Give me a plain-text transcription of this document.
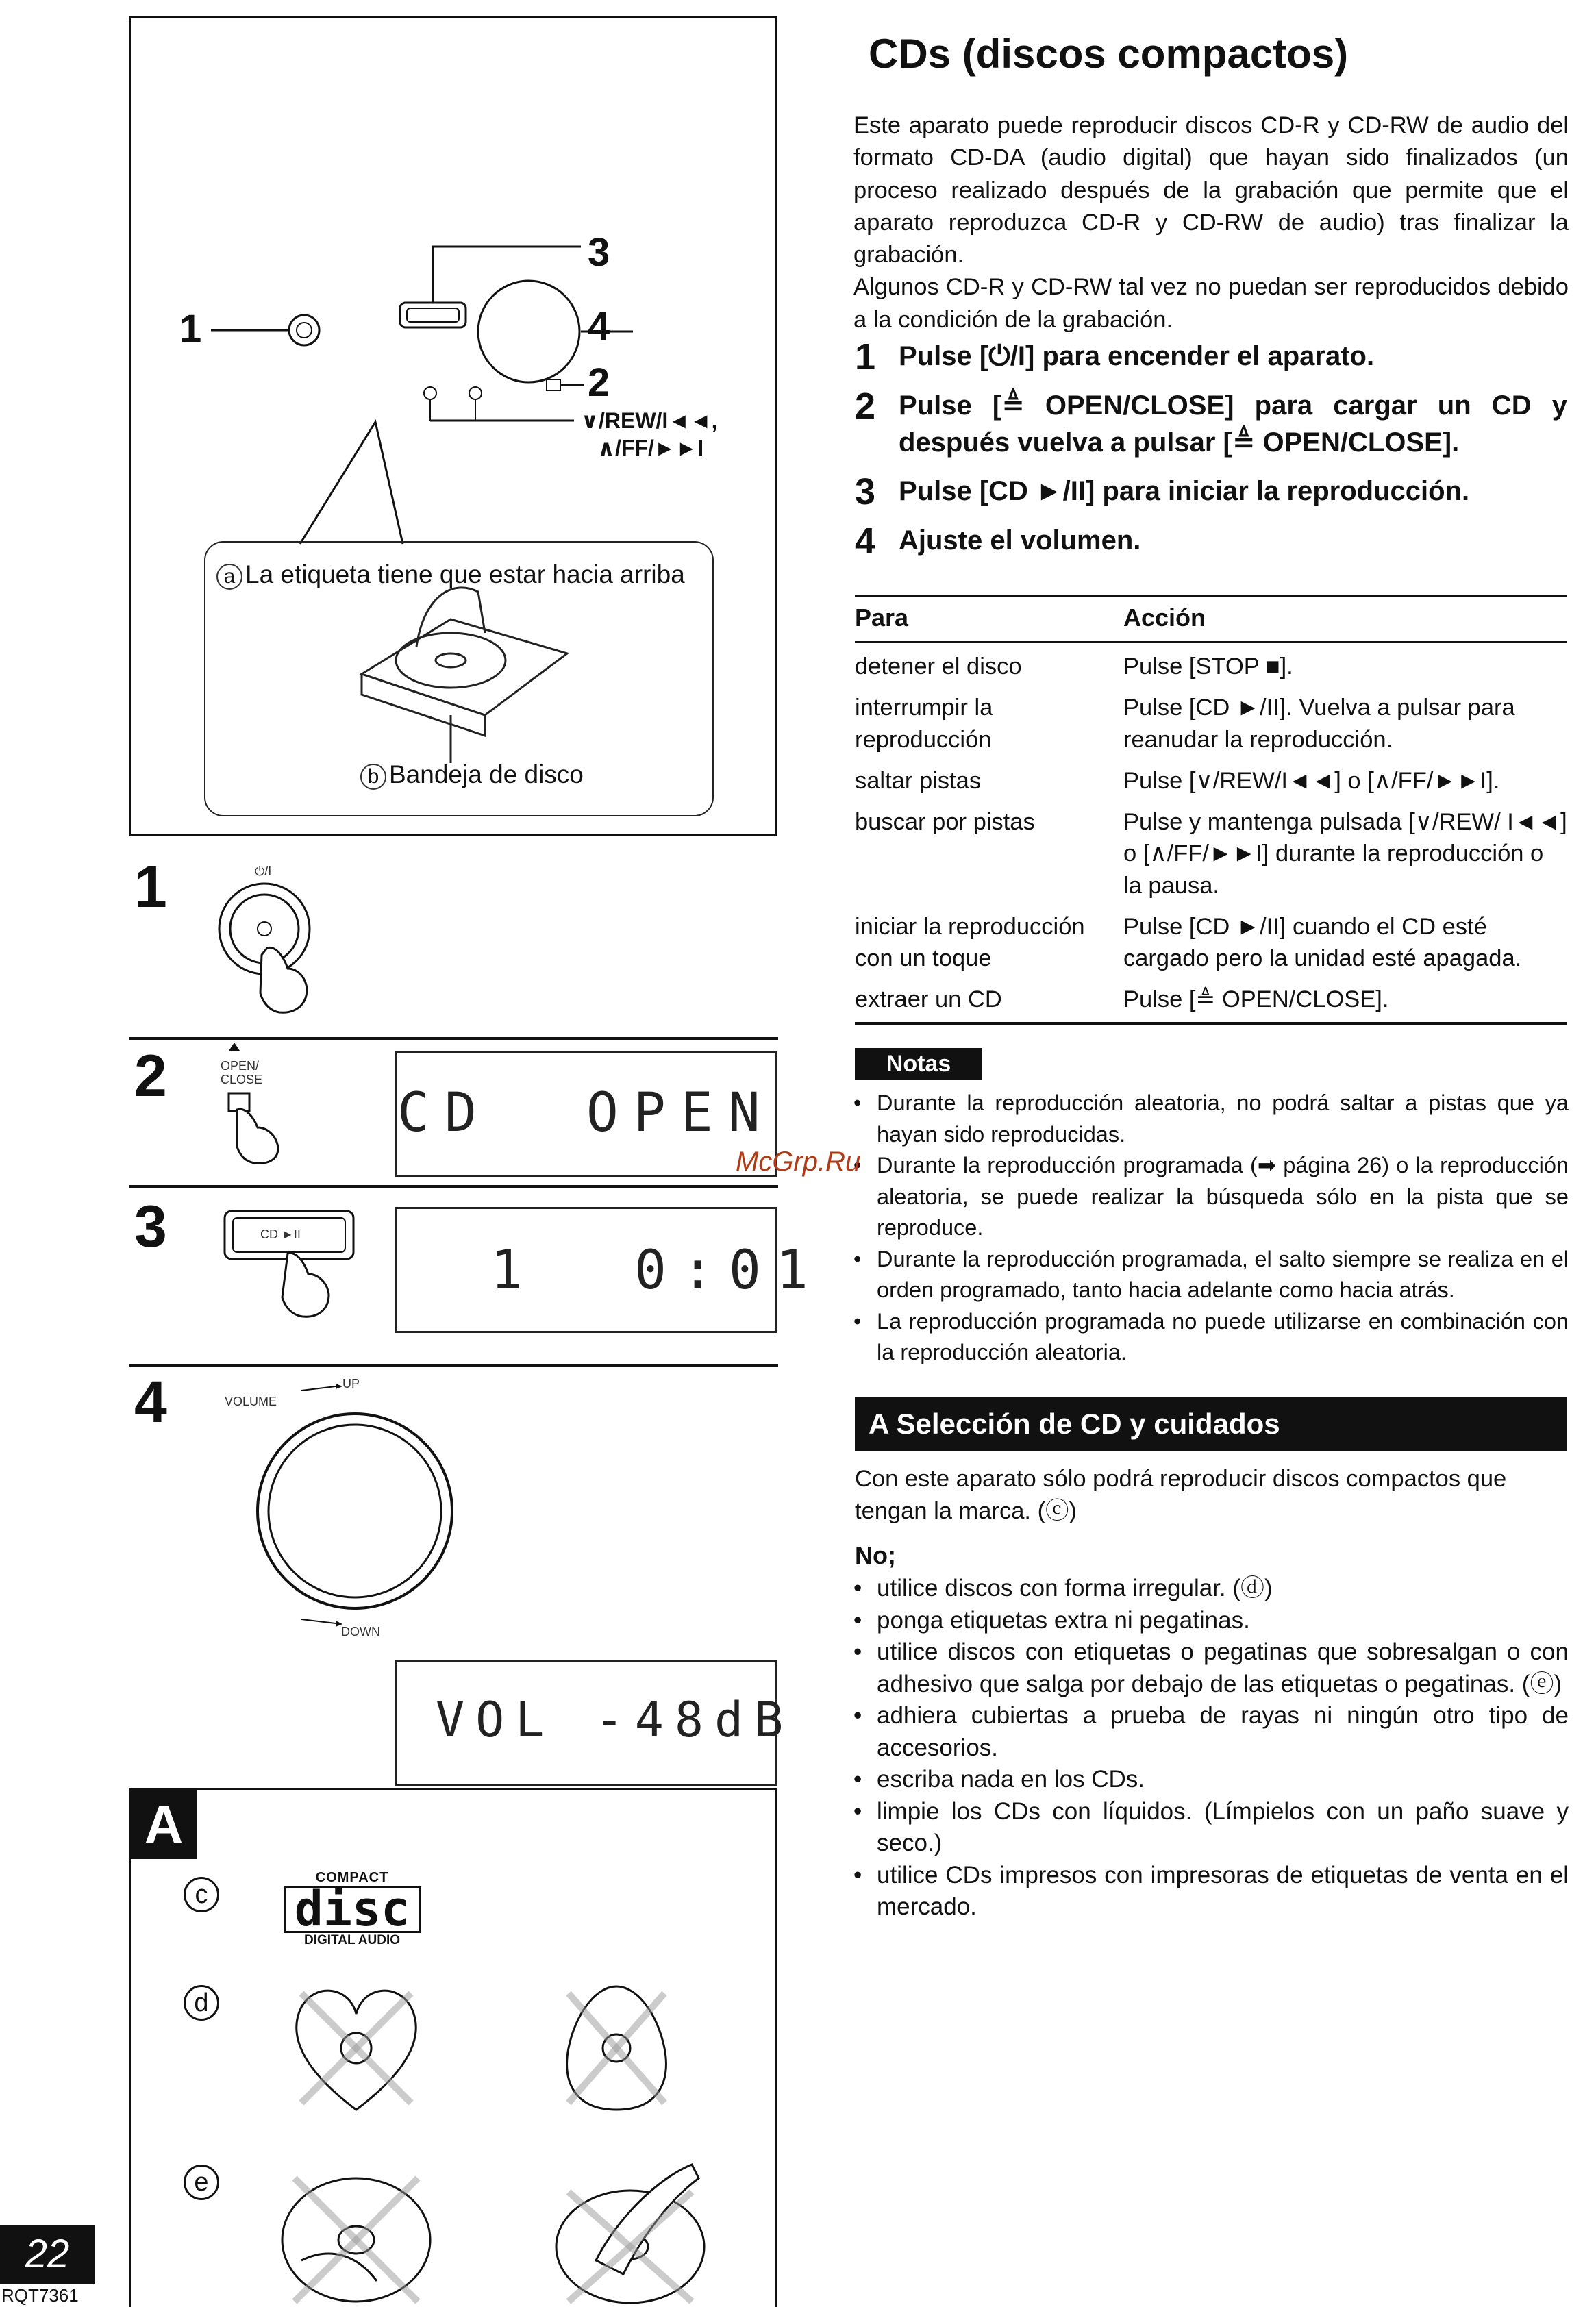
1
3
4
2
∨/REW/I◄◄,
∧/FF/►►I
a La etiqueta tiene que estar hacia arriba
b Bandeja de disco
1	⏻/I
2	OPEN/
CLOSE
CD  OPEN
3	CD ►II
1 0:01
4	VOLUME
UP
DOWN
VOL -48dB
A
c
d
e
COMPACT
disc
DIGITAL AUDIO
22
RQT7361
CDs (discos compactos)

Este aparato puede reproducir discos CD-R y CD-RW de audio del formato CD-DA (audio digital) que hayan sido finalizados (un proceso realizado después de la grabación que permite que el aparato reproduzca CD-R y CD-RW de audio) tras finalizar la grabación.

Algunos CD-R y CD-RW tal vez no puedan ser reproducidos debido a la condición de la grabación.

1 Pulse [⏻/I] para encender el aparato.
2 Pulse [≜ OPEN/CLOSE] para cargar un CD y después vuelva a pulsar [≜ OPEN/CLOSE].
3 Pulse [CD ►/II] para iniciar la reproducción.
4 Ajuste el volumen.
Para	Acción
detener el disco	Pulse [STOP ■].
interrumpir la reproducción	Pulse [CD ►/II]. Vuelva a pulsar para reanudar la reproducción.
saltar pistas	Pulse [∨/REW/I◄◄] o [∧/FF/►►I].
buscar por pistas	Pulse y mantenga pulsada [∨/REW/ I◄◄] o [∧/FF/►►I] durante la reproducción o la pausa.
iniciar la reproducción con un toque	Pulse [CD ►/II] cuando el CD esté cargado pero la unidad esté apagada.
extraer un CD	Pulse [≜ OPEN/CLOSE].
Notas
• Durante la reproducción aleatoria, no podrá saltar a pistas que ya hayan sido reproducidas.
• Durante la reproducción programada (➡ página 26) o la reproducción aleatoria, se puede realizar la búsqueda sólo en la pista que se reproduce.
• Durante la reproducción programada, el salto siempre se realiza en el orden programado, tanto hacia adelante como hacia atrás.
• La reproducción programada no puede utilizarse en combinación con la reproducción aleatoria.
McGrp.Ru
A Selección de CD y cuidados
Con este aparato sólo podrá reproducir discos compactos que tengan la marca. (ⓒ)
No;
• utilice discos con forma irregular. (ⓓ)
• ponga etiquetas extra ni pegatinas.
• utilice discos con etiquetas o pegatinas que sobresalgan o con adhesivo que salga por debajo de las etiquetas o pegatinas. (ⓔ)
• adhiera cubiertas a prueba de rayas ni ningún otro tipo de accesorios.
• escriba nada en los CDs.
• limpie los CDs con líquidos. (Límpielos con un paño suave y seco.)
• utilice CDs impresos con impresoras de etiquetas de venta en el mercado.
